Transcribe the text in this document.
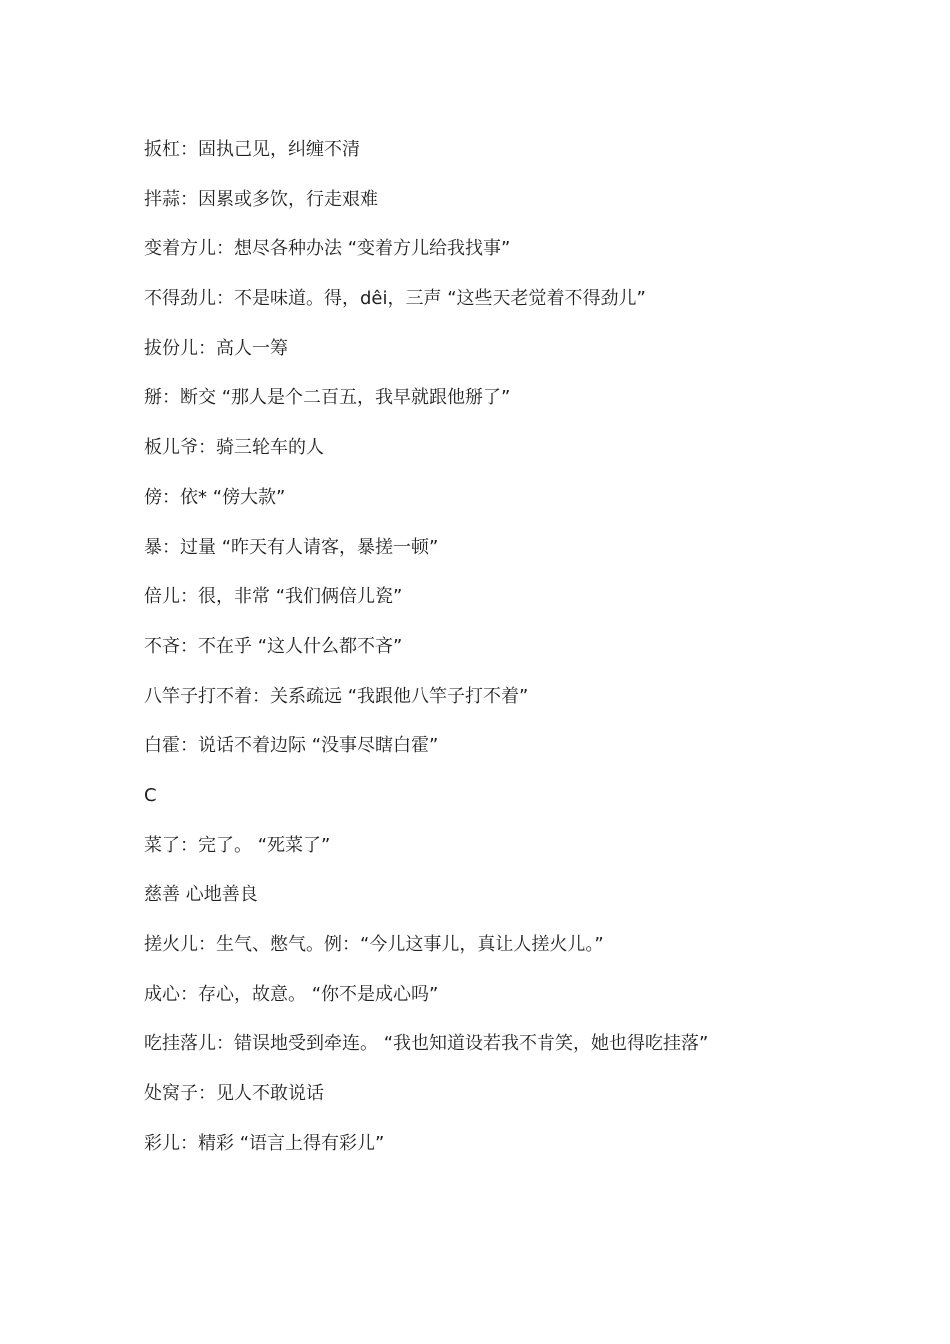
扳杠：固执己见，纠缠不清
拌蒜：因累或多饮，行走艰难
变着方儿：想尽各种办法 “变着方儿给我找事”
不得劲儿：不是味道。得，dêi，三声 “这些天老觉着不得劲儿”
拔份儿：高人一筹
掰：断交 “那人是个二百五，我早就跟他掰了”
板儿爷：骑三轮车的人
傍：依* “傍大款”
暴：过量 “昨天有人请客，暴搓一顿”
倍儿：很，非常 “我们俩倍儿瓷”
不吝：不在乎 “这人什么都不吝”
八竿子打不着：关系疏远 “我跟他八竿子打不着”
白霍：说话不着边际 “没事尽瞎白霍”
C
菜了：完了。 “死菜了”
慈善 心地善良
搓火儿：生气、憋气。例：“今儿这事儿，真让人搓火儿。”
成心：存心，故意。 “你不是成心吗”
吃挂落儿：错误地受到牵连。 “我也知道设若我不肯笑，她也得吃挂落”
处窝子：见人不敢说话
彩儿：精彩 “语言上得有彩儿”
